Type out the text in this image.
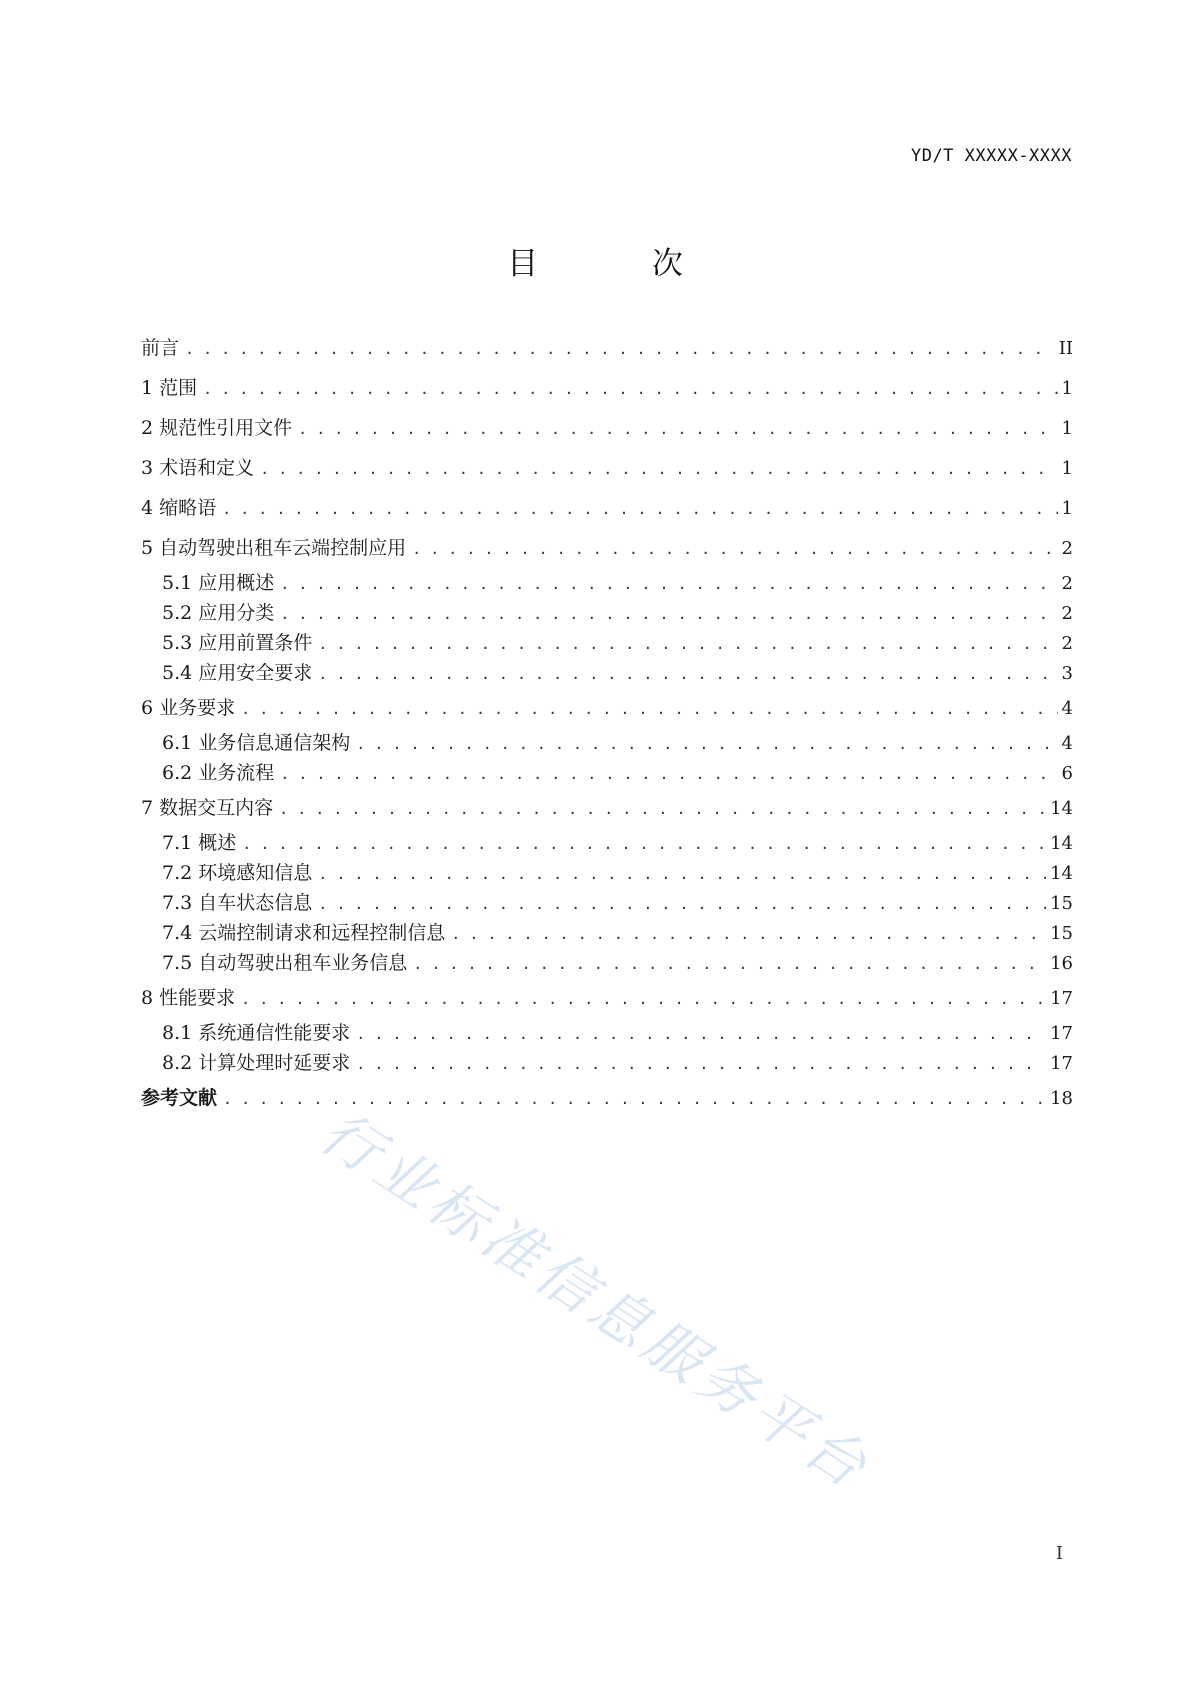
YD/T XXXXX-XXXX
目 次
前言 . . .	II
1 范围 . . .	1
2 规范性引用文件 . . .	1
3 术语和定义 . . .	1
4 缩略语 . . .	1
5 自动驾驶出租车云端控制应用 . . .	2
5.1 应用概述 . . .	2
5.2 应用分类 . . .	2
5.3 应用前置条件 . . .	2
5.4 应用安全要求 . . .	3
6 业务要求 . . .	4
6.1 业务信息通信架构 . . .	4
6.2 业务流程 . . .	6
7 数据交互内容 . . .	14
7.1 概述 . . .	14
7.2 环境感知信息 . . .	14
7.3 自车状态信息 . . .	15
7.4 云端控制请求和远程控制信息 . . .	15
7.5 自动驾驶出租车业务信息 . . .	16
8 性能要求 . . .	17
8.1 系统通信性能要求 . . .	17
8.2 计算处理时延要求 . . .	17
参考文献 . . .	18
行业标准信息服务平台
I
